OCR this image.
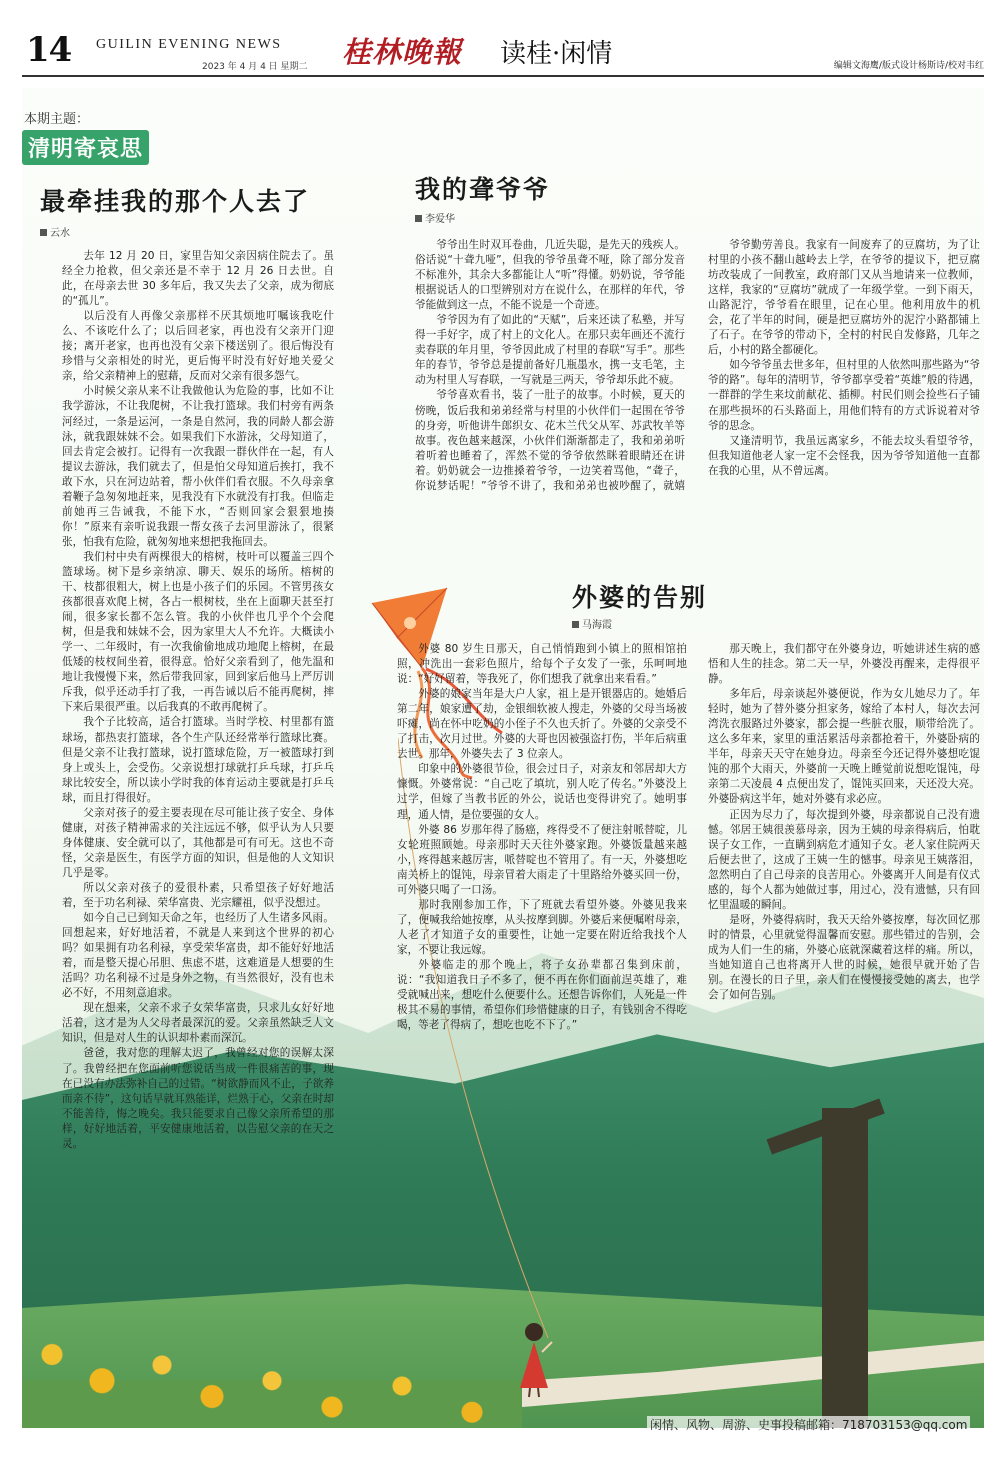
14 GUILIN EVENING NEWS
2023 年 4 月 4 日 星期二 桂林晚報 读桂·闲情	编辑文海鹰/版式设计杨斯诗/校对韦红
本期主题：
清明寄哀思
最牵挂我的那个人去了
云水

去年 12 月 20 日，家里告知父亲因病住院去了。虽经全力抢救，但父亲还是不幸于 12 月 26 日去世。自此，在母亲去世 30 多年后，我又失去了父亲，成为彻底的“孤儿”。

以后没有人再像父亲那样不厌其烦地叮嘱该我吃什么、不该吃什么了；以后回老家，再也没有父亲开门迎接；离开老家，也再也没有父亲下楼送别了。很后悔没有珍惜与父亲相处的时光，更后悔平时没有好好地关爱父亲，给父亲精神上的慰藉，反而对父亲有很多怨气。

小时候父亲从来不让我做他认为危险的事，比如不让我学游泳，不让我爬树，不让我打篮球。我们村旁有两条河经过，一条是运河，一条是自然河，我的同龄人都会游泳，就我跟妹妹不会。如果我们下水游泳，父母知道了，回去肯定会被打。记得有一次我跟一群伙伴在一起，有人提议去游泳，我们就去了，但是怕父母知道后挨打，我不敢下水，只在河边站着，帮小伙伴们看衣服。不久母亲拿着鞭子急匆匆地赶来，见我没有下水就没有打我。但临走前她再三告诫我，不能下水，“否则回家会狠狠地揍你！”原来有亲听说我跟一帮女孩子去河里游泳了，很紧张，怕我有危险，就匆匆地来想把我拖回去。

我们村中央有两棵很大的榕树，枝叶可以覆盖三四个篮球场。树下是乡亲纳凉、聊天、娱乐的场所。榕树的干、枝都很粗大，树上也是小孩子们的乐园。不管男孩女孩都很喜欢爬上树，各占一根树枝，坐在上面聊天甚至打闹，很多家长都不怎么管。我的小伙伴也几乎个个会爬树，但是我和妹妹不会，因为家里大人不允许。大概读小学一、二年级时，有一次我偷偷地成功地爬上榕树，在最低矮的枝杈间坐着，很得意。恰好父亲看到了，他先温和地让我慢慢下来，然后带我回家，回到家后他马上严厉训斥我，似乎还动手打了我，一再告诫以后不能再爬树，摔下来后果很严重。以后我真的不敢再爬树了。

我个子比较高，适合打篮球。当时学校、村里都有篮球场，都热衷打篮球，各个生产队还经常举行篮球比赛。但是父亲不让我打篮球，说打篮球危险，万一被篮球打到身上或头上，会受伤。父亲说想打球就打乒乓球，打乒乓球比较安全，所以读小学时我的体育运动主要就是打乒乓球，而且打得很好。

父亲对孩子的爱主要表现在尽可能让孩子安全、身体健康，对孩子精神需求的关注远远不够，似乎认为人只要身体健康、安全就可以了，其他都是可有可无。这也不奇怪，父亲是医生，有医学方面的知识，但是他的人文知识几乎是零。

所以父亲对孩子的爱很朴素，只希望孩子好好地活着，至于功名利禄、荣华富贵、光宗耀祖，似乎没想过。

如今自己已到知天命之年，也经历了人生诸多风雨。回想起来，好好地活着，不就是人来到这个世界的初心吗？如果拥有功名利禄，享受荣华富贵，却不能好好地活着，而是整天提心吊胆、焦虑不堪，这难道是人想要的生活吗？功名利禄不过是身外之物，有当然很好，没有也未必不好，不用刻意追求。

现在想来，父亲不求子女荣华富贵，只求儿女好好地活着，这才是为人父母者最深沉的爱。父亲虽然缺乏人文知识，但是对人生的认识却朴素而深沉。

爸爸，我对您的理解太迟了，我曾经对您的误解太深了。我曾经把在您面前听您说话当成一件很痛苦的事，现在已没有办法弥补自己的过错。“树欲静而风不止，子欲养而亲不待”，这句话早就耳熟能详，烂熟于心，父亲在时却不能善待，悔之晚矣。我只能要求自己像父亲所希望的那样，好好地活着，平安健康地活着，以告慰父亲的在天之灵。

我的聋爷爷
李爱华

爷爷出生时双耳卷曲，几近失聪，是先天的残疾人。俗话说“十聋九哑”，但我的爷爷虽聋不哑，除了部分发音不标准外，其余大多都能让人“听”得懂。奶奶说，爷爷能根据说话人的口型辨别对方在说什么，在那样的年代，爷爷能做到这一点，不能不说是一个奇迹。

爷爷因为有了如此的“天赋”，后来还读了私塾，并写得一手好字，成了村上的文化人。在那只卖年画还不流行卖春联的年月里，爷爷因此成了村里的春联“写手”。那些年的春节，爷爷总是提前备好几瓶墨水，携一支毛笔，主动为村里人写春联，一写就是三两天，爷爷却乐此不疲。

爷爷喜欢看书，装了一肚子的故事。小时候，夏天的傍晚，饭后我和弟弟经常与村里的小伙伴们一起围在爷爷的身旁，听他讲牛郎织女、花木兰代父从军、苏武牧羊等故事。夜色越来越深，小伙伴们渐渐都走了，我和弟弟听着听着也睡着了，浑然不觉的爷爷依然眯着眼睛还在讲着。奶奶就会一边推搡着爷爷，一边笑着骂他，“聋子，你说梦话呢！”爷爷不讲了，我和弟弟也被吵醒了，就嬉

爷爷勤劳善良。我家有一间废弃了的豆腐坊，为了让村里的小孩不翻山越岭去上学，在爷爷的提议下，把豆腐坊改装成了一间教室，政府部门又从当地请来一位教师，这样，我家的“豆腐坊”就成了一年级学堂。一到下雨天，山路泥泞，爷爷看在眼里，记在心里。他利用放牛的机会，花了半年的时间，硬是把豆腐坊外的泥泞小路都铺上了石子。在爷爷的带动下，全村的村民自发修路，几年之后，小村的路全都硬化。

如今爷爷虽去世多年，但村里的人依然叫那些路为“爷爷的路”。每年的清明节，爷爷都享受着“英雄”般的待遇，一群群的学生来坟前献花、插柳。村民们则会捡些石子铺在那些损坏的石头路面上，用他们特有的方式诉说着对爷爷的思念。

又逢清明节，我虽远离家乡，不能去坟头看望爷爷，但我知道他老人家一定不会怪我，因为爷爷知道他一直都在我的心里，从不曾远离。

外婆的告别
马海霞

外婆 80 岁生日那天，自己悄悄跑到小镇上的照相馆拍照，冲洗出一套彩色照片，给每个子女发了一张，乐呵呵地说：“好好留着，等我死了，你们想我了就拿出来看看。”

外婆的娘家当年是大户人家，祖上是开银器店的。她婚后第二年，娘家遭了劫，金银细软被人搜走，外婆的父母当场被吓瘫，尚在怀中吃奶的小侄子不久也夭折了。外婆的父亲受不了打击，次月过世。外婆的大哥也因被强盗打伤，半年后病重去世。那年，外婆失去了 3 位亲人。

印象中的外婆很节俭，很会过日子，对亲友和邻居却大方慷慨。外婆常说：“自己吃了填坑，别人吃了传名。”外婆没上过学，但嫁了当教书匠的外公，说话也变得讲究了。她明事理，通人情，是位要强的女人。

外婆 86 岁那年得了肠癌，疼得受不了便注射哌替啶，儿女轮班照顾她。母亲那时天天往外婆家跑。外婆饭量越来越小，疼得越来越厉害，哌替啶也不管用了。有一天，外婆想吃南关桥上的馄饨，母亲冒着大雨走了十里路给外婆买回一份，可外婆只喝了一口汤。

那时我刚参加工作，下了班就去看望外婆。外婆见我来了，便喊我给她按摩，从头按摩到脚。外婆后来便嘱咐母亲，人老了才知道子女的重要性，让她一定要在附近给我找个人家，不要让我远嫁。

外婆临走的那个晚上，将子女孙辈都召集到床前，说：“我知道我日子不多了，便不再在你们面前逞英雄了，难受就喊出来，想吃什么便要什么。还想告诉你们，人死是一件极其不易的事情，希望你们珍惜健康的日子，有钱别舍不得吃喝，等老了得病了，想吃也吃不下了。”

那天晚上，我们都守在外婆身边，听她讲述生病的感悟和人生的挂念。第二天一早，外婆没再醒来，走得很平静。

多年后，母亲谈起外婆便说，作为女儿她尽力了。年轻时，她为了替外婆分担家务，嫁给了本村人，每次去河湾洗衣服路过外婆家，都会提一些脏衣服，顺带给洗了。这么多年来，家里的重活累活母亲都抢着干，外婆卧病的半年，母亲天天守在她身边。母亲至今还记得外婆想吃馄饨的那个大雨天，外婆前一天晚上睡觉前说想吃馄饨，母亲第二天凌晨 4 点便出发了，馄饨买回来，天还没大亮。外婆卧病这半年，她对外婆有求必应。

正因为尽力了，每次提到外婆，母亲都说自己没有遗憾。邻居王姨很羡慕母亲，因为王姨的母亲得病后，怕耽误子女工作，一直瞒到病危才通知子女。老人家住院两天后便去世了，这成了王姨一生的憾事。母亲见王姨落泪，忽然明白了自己母亲的良苦用心。外婆离开人间是有仪式感的，每个人都为她做过事，用过心，没有遗憾，只有回忆里温暖的瞬间。

是呀，外婆得病时，我天天给外婆按摩，每次回忆那时的情景，心里就觉得温馨而安慰。那些错过的告别，会成为人们一生的痛，外婆心底就深藏着这样的痛。所以，当她知道自己也将离开人世的时候，她很早就开始了告别。在漫长的日子里，亲人们在慢慢接受她的离去，也学会了如何告别。

闲情、风物、周游、史事投稿邮箱：718703153@qq.com
